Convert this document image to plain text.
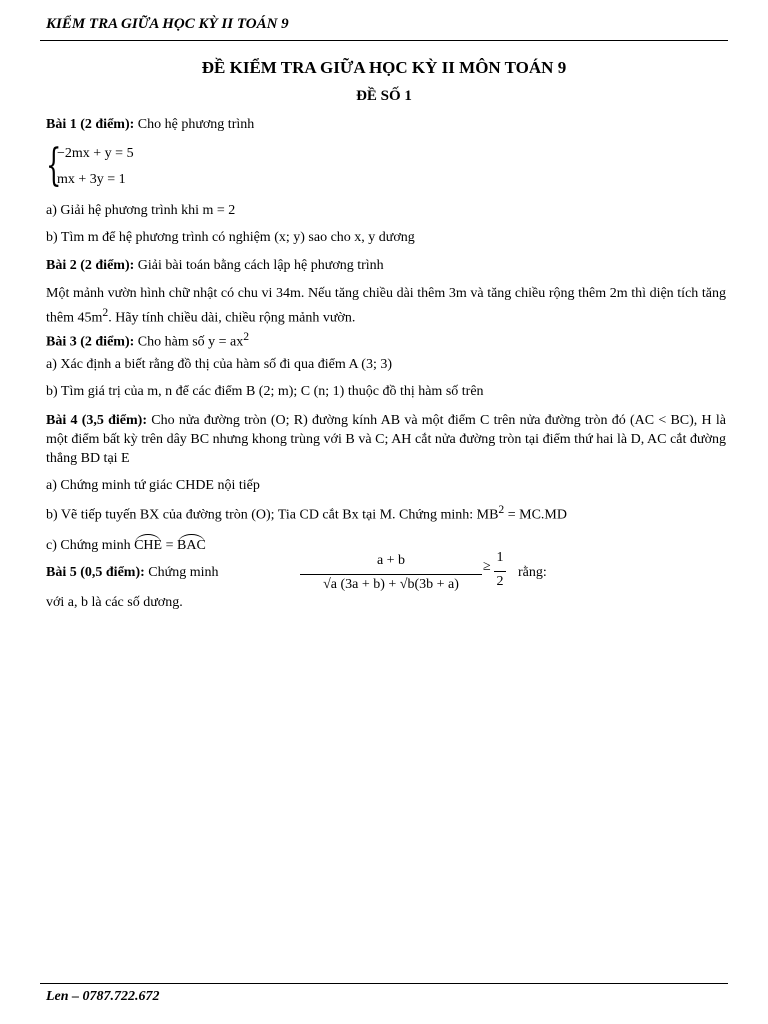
KIỂM TRA GIỮA HỌC KỲ II TOÁN 9
ĐỀ KIỂM TRA GIỮA HỌC KỲ II MÔN TOÁN 9
ĐỀ SỐ 1
Bài 1 (2 điểm): Cho hệ phương trình
{
−2mx + y = 5
mx + 3y = 1
a) Giải hệ phương trình khi m = 2
b) Tìm m để hệ phương trình có nghiệm (x; y) sao cho x, y dương
Bài 2 (2 điểm): Giải bài toán bằng cách lập hệ phương trình
Một mảnh vườn hình chữ nhật có chu vi 34m. Nếu tăng chiều dài thêm 3m và tăng chiều rộng thêm 2m thì diện tích tăng thêm $45m^2$. Hãy tính chiều dài, chiều rộng mảnh vườn.
Bài 3 (2 điểm): Cho hàm số $y = ax^2$
a) Xác định a biết rằng đồ thị của hàm số đi qua điểm A (3; 3)
b) Tìm giá trị của m, n để các điểm B (2; m); C (n; 1) thuộc đồ thị hàm số trên
Bài 4 (3,5 điểm): Cho nửa đường tròn (O; R) đường kính AB và một điểm C trên nửa đường tròn đó (AC < BC), H là một điểm bất kỳ trên dây BC nhưng khong trùng với B và C; AH cắt nửa đường tròn tại điểm thứ hai là D, AC cắt đường thẳng BD tại E
a) Chứng minh tứ giác CHDE nội tiếp
b) Vẽ tiếp tuyến BX của đường tròn (O); Tia CD cắt Bx tại M. Chứng minh: $MB^2 = MC.MD$
c) Chứng minh CHE = BAC
Bài 5 (0,5 điểm): Chứng minh
a + b
√a (3a + b) + √b(3b + a)
≥
1
2
rằng:
với a, b là các số dương.
Len – 0787.722.672
